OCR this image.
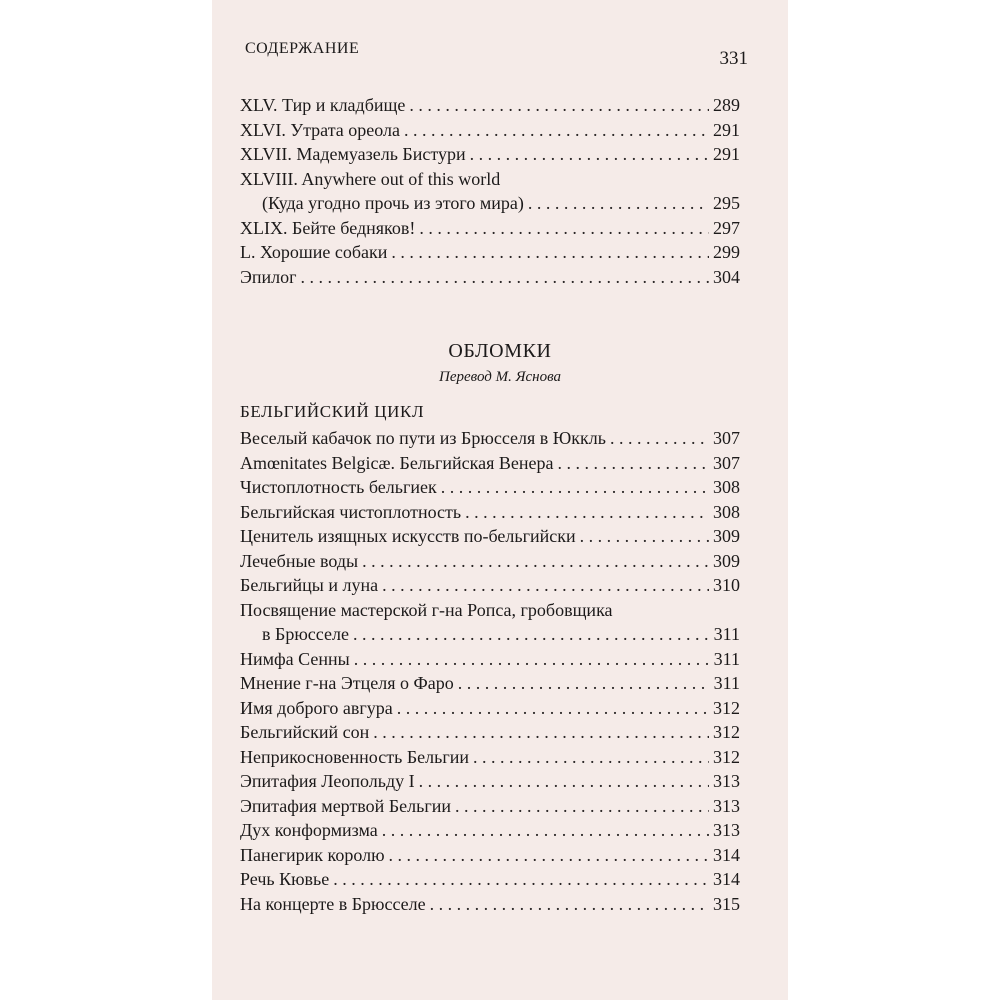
СОДЕРЖАНИЕ	331
XLV. Тир и кладбище . . .	289
XLVI. Утрата ореола . . .	291
XLVII. Мадемуазель Бистури . . .	291
XLVIII. Anywhere out of this world
(Куда угодно прочь из этого мира) . . .	295
XLIX. Бейте бедняков! . . .	297
L. Хорошие собаки . . .	299
Эпилог . . .	304
ОБЛОМКИ
Перевод М. Яснова
БЕЛЬГИЙСКИЙ ЦИКЛ
Веселый кабачок по пути из Брюсселя в Юккль . . .	307
Amœnitates Belgicæ. Бельгийская Венера . . .	307
Чистоплотность бельгиек . . .	308
Бельгийская чистоплотность . . .	308
Ценитель изящных искусств по-бельгийски . . .	309
Лечебные воды . . .	309
Бельгийцы и луна . . .	310
Посвящение мастерской г-на Ропса, гробовщика
в Брюсселе . . .	311
Нимфа Сенны . . .	311
Мнение г-на Этцеля о Фаро . . .	311
Имя доброго авгура . . .	312
Бельгийский сон . . .	312
Неприкосновенность Бельгии . . .	312
Эпитафия Леопольду I . . .	313
Эпитафия мертвой Бельгии . . .	313
Дух конформизма . . .	313
Панегирик королю . . .	314
Речь Кювье . . .	314
На концерте в Брюсселе . . .	315
